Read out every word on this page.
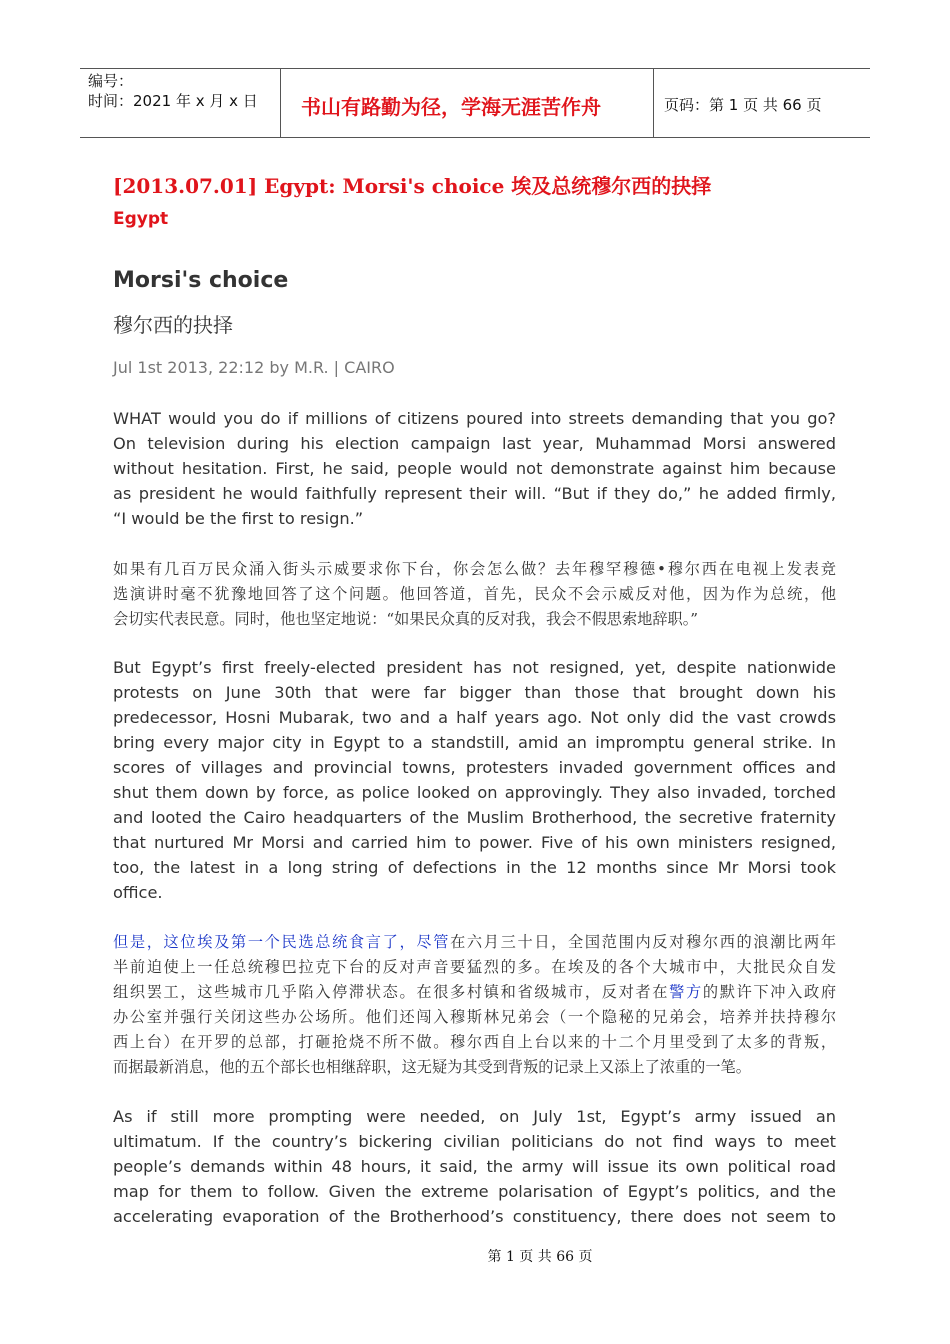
编号：
时间：2021 年 x 月 x 日	书山有路勤为径，学海无涯苦作舟	页码：第 1 页 共 66 页
[2013.07.01] Egypt: Morsi's choice 埃及总统穆尔西的抉择
Egypt
Morsi's choice
穆尔西的抉择
Jul 1st 2013, 22:12 by M.R. | CAIRO
WHAT would you do if millions of citizens poured into streets demanding that you go?
On television during his election campaign last year, Muhammad Morsi answered
without hesitation. First, he said, people would not demonstrate against him because
as president he would faithfully represent their will. “But if they do,” he added firmly,
“I would be the first to resign.”
如果有几百万民众涌入街头示威要求你下台，你会怎么做？去年穆罕穆德•穆尔西在电视上发表竞
选演讲时毫不犹豫地回答了这个问题。他回答道，首先，民众不会示威反对他，因为作为总统，他
会切实代表民意。同时，他也坚定地说：“如果民众真的反对我，我会不假思索地辞职。”
But Egypt’s first freely-elected president has not resigned, yet, despite nationwide
protests on June 30th that were far bigger than those that brought down his
predecessor, Hosni Mubarak, two and a half years ago. Not only did the vast crowds
bring every major city in Egypt to a standstill, amid an impromptu general strike. In
scores of villages and provincial towns, protesters invaded government offices and
shut them down by force, as police looked on approvingly. They also invaded, torched
and looted the Cairo headquarters of the Muslim Brotherhood, the secretive fraternity
that nurtured Mr Morsi and carried him to power. Five of his own ministers resigned,
too, the latest in a long string of defections in the 12 months since Mr Morsi took
office.
但是，这位埃及第一个民选总统食言了，尽管在六月三十日，全国范围内反对穆尔西的浪潮比两年
半前迫使上一任总统穆巴拉克下台的反对声音要猛烈的多。在埃及的各个大城市中，大批民众自发
组织罢工，这些城市几乎陷入停滞状态。在很多村镇和省级城市，反对者在警方的默许下冲入政府
办公室并强行关闭这些办公场所。他们还闯入穆斯林兄弟会（一个隐秘的兄弟会，培养并扶持穆尔
西上台）在开罗的总部，打砸抢烧不所不做。穆尔西自上台以来的十二个月里受到了太多的背叛，
而据最新消息，他的五个部长也相继辞职，这无疑为其受到背叛的记录上又添上了浓重的一笔。
As if still more prompting were needed, on July 1st, Egypt’s army issued an
ultimatum. If the country’s bickering civilian politicians do not find ways to meet
people’s demands within 48 hours, it said, the army will issue its own political road
map for them to follow. Given the extreme polarisation of Egypt’s politics, and the
accelerating evaporation of the Brotherhood’s constituency, there does not seem to
第 1 页 共 66 页
